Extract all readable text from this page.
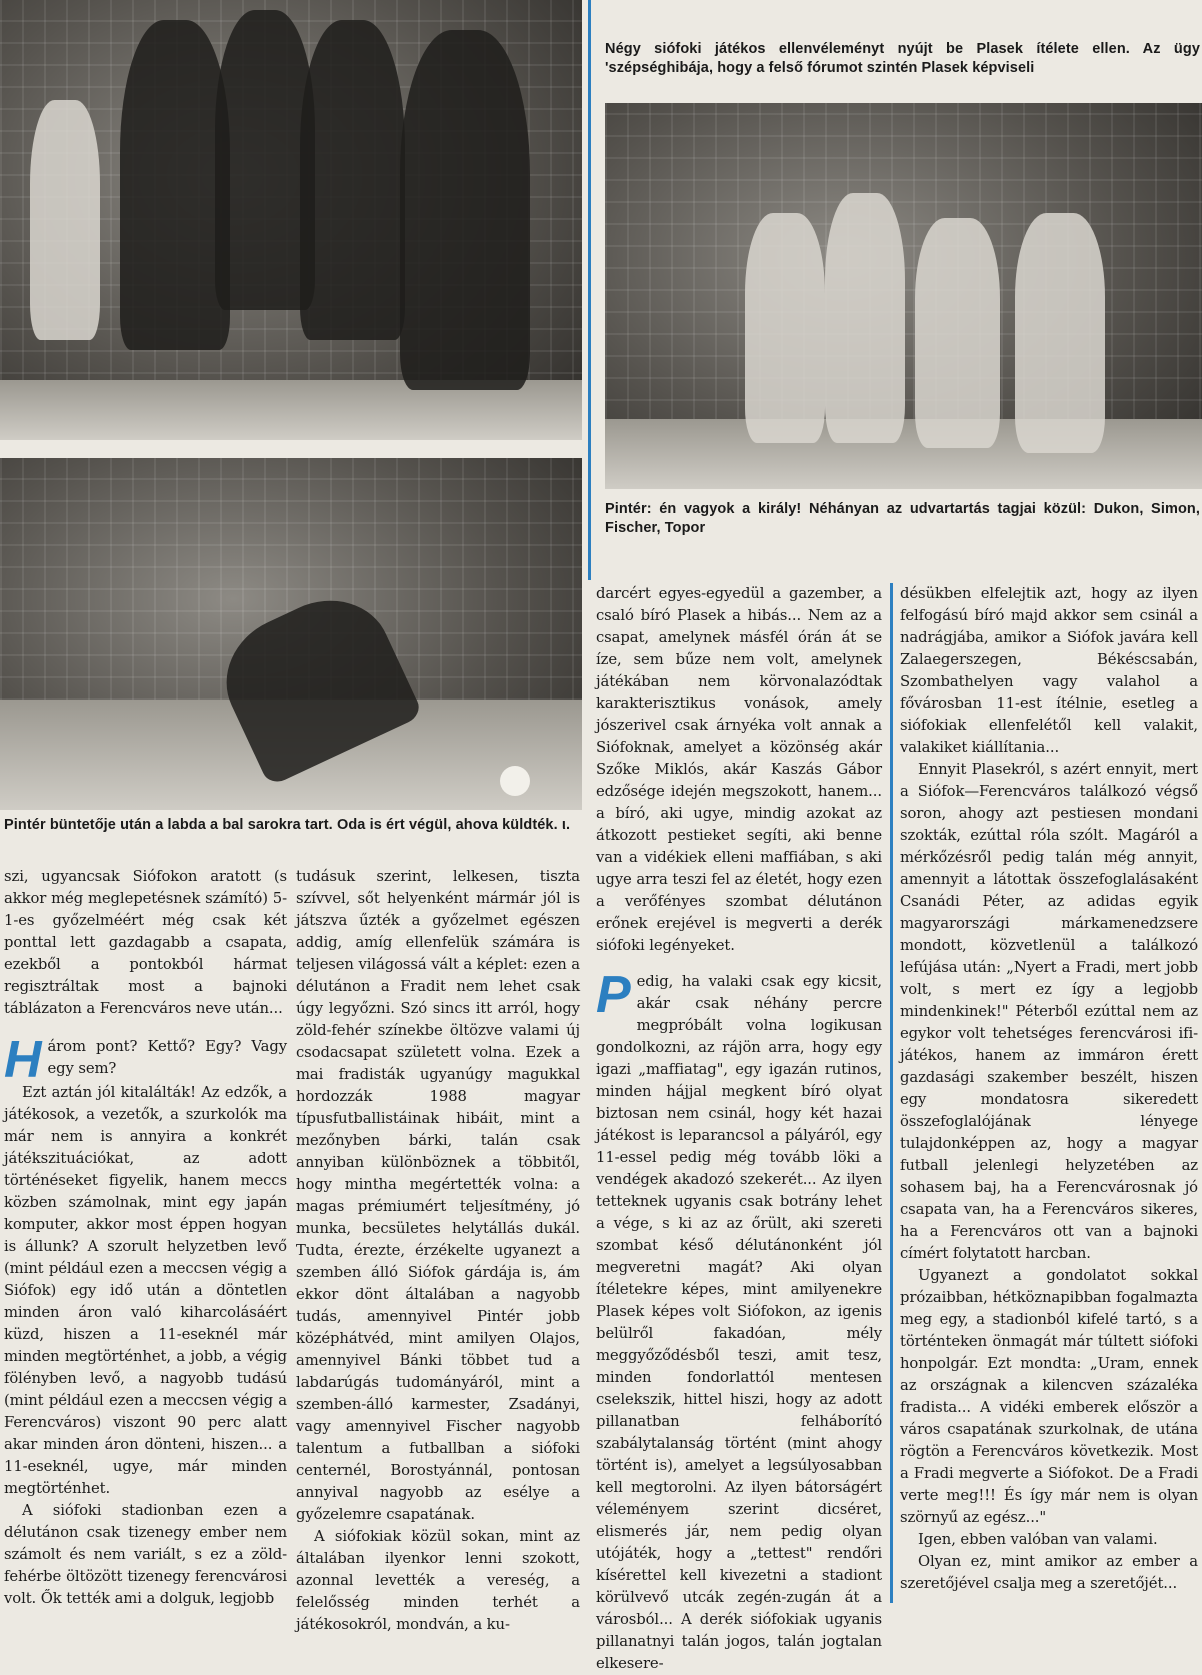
Négy siófoki játékos ellenvéleményt nyújt be Plasek ítélete ellen. Az ügy 'szépséghibája, hogy a felső fórumot szintén Plasek képviseli
Pintér: én vagyok a király! Néhányan az udvartartás tagjai közül: Dukon, Simon, Fischer, Topor
Pintér büntetője után a labda a bal sarokra tart. Oda is ért végül, ahova küldték. ι.

szi, ugyancsak Siófokon aratott (s akkor még meglepetésnek számító) 5-1-es győzelméért még csak két ponttal lett gazdagabb a csapata, ezekből a pontokból hármat regisztráltak most a bajnoki táblázaton a Ferencváros neve után...

Három pont? Kettő? Egy? Vagy egy sem?

Ezt aztán jól kitalálták! Az edzők, a játékosok, a vezetők, a szurkolók ma már nem is annyira a konkrét játékszituációkat, az adott történéseket figyelik, hanem meccs közben számolnak, mint egy japán komputer, akkor most éppen hogyan is állunk? A szorult helyzetben levő (mint például ezen a meccsen végig a Siófok) egy idő után a döntetlen minden áron való kiharcolásáért küzd, hiszen a 11-eseknél már minden megtörténhet, a jobb, a végig fölényben levő, a nagyobb tudású (mint például ezen a meccsen végig a Ferencváros) viszont 90 perc alatt akar minden áron dönteni, hiszen... a 11-eseknél, ugye, már minden megtörténhet.

A siófoki stadionban ezen a délutánon csak tizenegy ember nem számolt és nem variált, s ez a zöld-fehérbe öltözött tizenegy ferencvárosi volt. Ők tették ami a dolguk, legjobb

tudásuk szerint, lelkesen, tiszta szívvel, sőt helyenként mármár jól is játszva űzték a győzelmet egészen addig, amíg ellenfelük számára is teljesen világossá vált a képlet: ezen a délutánon a Fradit nem lehet csak úgy legyőzni. Szó sincs itt arról, hogy zöld-fehér színekbe öltözve valami új csodacsapat született volna. Ezek a mai fradisták ugyanúgy magukkal hordozzák 1988 magyar típusfutballistáinak hibáit, mint a mezőnyben bárki, talán csak annyiban különböznek a többitől, hogy mintha megértették volna: a magas prémiumért teljesítmény, jó munka, becsületes helytállás dukál. Tudta, érezte, érzékelte ugyanezt a szemben álló Siófok gárdája is, ám ekkor dönt általában a nagyobb tudás, amennyivel Pintér jobb középhátvéd, mint amilyen Olajos, amennyivel Bánki többet tud a labdarúgás tudományáról, mint a szemben-álló karmester, Zsadányi, vagy amennyivel Fischer nagyobb talentum a futballban a siófoki centernél, Borostyánnál, pontosan annyival nagyobb az esélye a győzelemre csapatának.

A siófokiak közül sokan, mint az általában ilyenkor lenni szokott, azonnal levették a vereség, a felelősség minden terhét a játékosokról, mondván, a ku-

darcért egyes-egyedül a gazember, a csaló bíró Plasek a hibás... Nem az a csapat, amelynek másfél órán át se íze, sem bűze nem volt, amelynek játékában nem körvonalazódtak karakterisztikus vonások, amely jószerivel csak árnyéka volt annak a Siófoknak, amelyet a közönség akár Szőke Miklós, akár Kaszás Gábor edzősége idején megszokott, hanem... a bíró, aki ugye, mindig azokat az átkozott pestieket segíti, aki benne van a vidékiek elleni maffiában, s aki ugye arra teszi fel az életét, hogy ezen a verőfényes szombat délutánon erőnek erejével is megverti a derék siófoki legényeket.

Pedig, ha valaki csak egy kicsit, akár csak néhány percre megpróbált volna logikusan gondolkozni, az rájön arra, hogy egy igazi „maffiatag", egy igazán rutinos, minden hájjal megkent bíró olyat biztosan nem csinál, hogy két hazai játékost is leparancsol a pályáról, egy 11-essel pedig még tovább löki a vendégek akadozó szekerét... Az ilyen tetteknek ugyanis csak botrány lehet a vége, s ki az az őrült, aki szereti szombat késő délutánonként jól megveretni magát? Aki olyan ítéletekre képes, mint amilyenekre Plasek képes volt Siófokon, az igenis belülről fakadóan, mély meggyőződésből teszi, amit tesz, minden fondorlattól mentesen cselekszik, hittel hiszi, hogy az adott pillanatban felháborító szabálytalanság történt (mint ahogy történt is), amelyet a legsúlyosabban kell megtorolni. Az ilyen bátorságért véleményem szerint dicséret, elismerés jár, nem pedig olyan utójáték, hogy a „tettest" rendőri kísérettel kell kivezetni a stadiont körülvevő utcák zegén-zugán át a városból... A derék siófokiak ugyanis pillanatnyi talán jogos, talán jogtalan elkesere-

désükben elfelejtik azt, hogy az ilyen felfogású bíró majd akkor sem csinál a nadrágjába, amikor a Siófok javára kell Zalaegerszegen, Békéscsabán, Szombathelyen vagy valahol a fővárosban 11-est ítélnie, esetleg a siófokiak ellenfelétől kell valakit, valakiket kiállítania...

Ennyit Plasekról, s azért ennyit, mert a Siófok—Ferencváros találkozó végső soron, ahogy azt pestiesen mondani szokták, ezúttal róla szólt. Magáról a mérkőzésről pedig talán még annyit, amennyit a látottak összefoglalásaként Csanádi Péter, az adidas egyik magyarországi márkamenedzsere mondott, közvetlenül a találkozó lefújása után: „Nyert a Fradi, mert jobb volt, s mert ez így a legjobb mindenkinek!" Péterből ezúttal nem az egykor volt tehetséges ferencvárosi ifi-játékos, hanem az immáron érett gazdasági szakember beszélt, hiszen egy mondatosra sikeredett összefoglalójának lényege tulajdonképpen az, hogy a magyar futball jelenlegi helyzetében az sohasem baj, ha a Ferencvárosnak jó csapata van, ha a Ferencváros sikeres, ha a Ferencváros ott van a bajnoki címért folytatott harcban.

Ugyanezt a gondolatot sokkal prózaibban, hétköznapibban fogalmazta meg egy, a stadionból kifelé tartó, s a történteken önmagát már túltett siófoki honpolgár. Ezt mondta: „Uram, ennek az országnak a kilencven százaléka fradista... A vidéki emberek először a város csapatának szurkolnak, de utána rögtön a Ferencváros következik. Most a Fradi megverte a Siófokot. De a Fradi verte meg!!! És így már nem is olyan szörnyű az egész..."

Igen, ebben valóban van valami.

Olyan ez, mint amikor az ember a szeretőjével csalja meg a szeretőjét...
